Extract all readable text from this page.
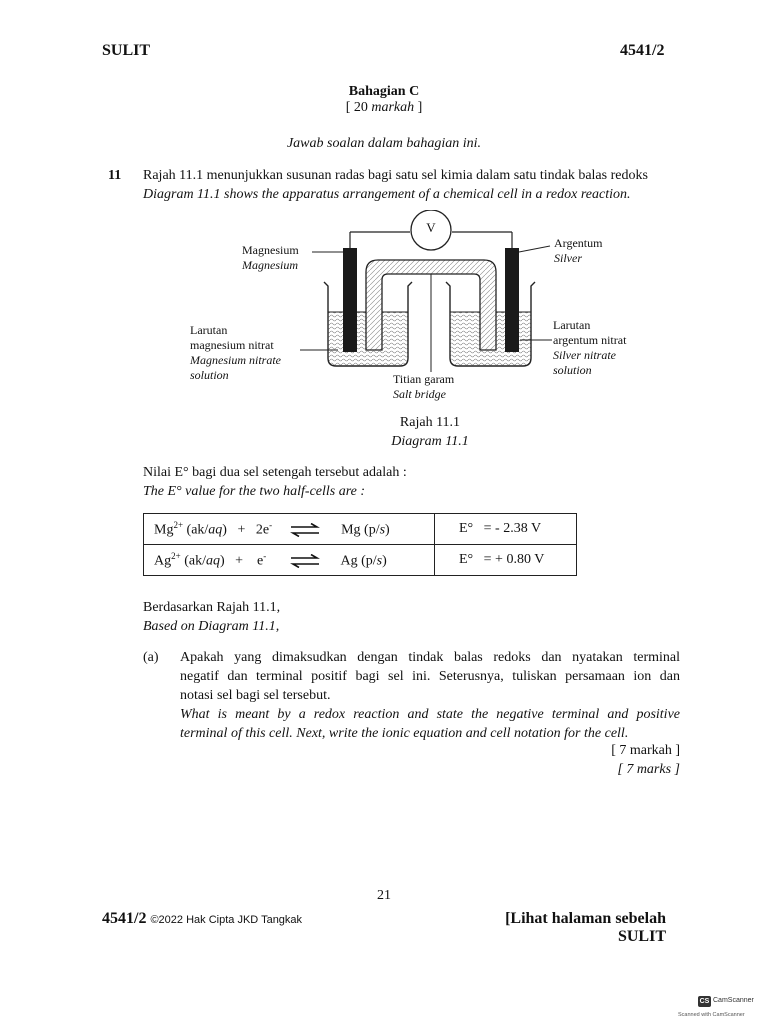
SULIT	4541/2
Bahagian C
[ 20 markah ]
Jawab soalan dalam bahagian ini.
11 Rajah 11.1 menunjukkan susunan radas bagi satu sel kimia dalam satu tindak balas redoks
Diagram 11.1 shows the apparatus arrangement of a chemical cell in a redox reaction.
V
Magnesium
Magnesium
Argentum
Silver
Larutan
magnesium nitrat
Magnesium nitrate
solution
Larutan
argentum nitrat
Silver nitrate
solution
Titian garam
Salt bridge
Rajah 11.1
Diagram 11.1
Nilai E° bagi dua sel setengah tersebut adalah :
The E° value for the two half-cells are :
$Mg^{2+}$ (ak/aq) + 2e- ⇌ Mg (p/s)	E° = - 2.38 V
$Ag^{2+}$ (ak/aq) + e- ⇌ Ag (p/s)	E° = + 0.80 V
Berdasarkan Rajah 11.1,
Based on Diagram 11.1,
(a) Apakah yang dimaksudkan dengan tindak balas redoks dan nyatakan terminal
negatif dan terminal positif bagi sel ini. Seterusnya, tuliskan persamaan ion dan
notasi sel bagi sel tersebut.
What is meant by a redox reaction and state the negative terminal and positive
terminal of this cell. Next, write the ionic equation and cell notation for the cell.
[ 7 markah ]
[ 7 marks ]
21
4541/2 ©2022 Hak Cipta JKD Tangkak	[Lihat halaman sebelah
SULIT
CS CamScanner
Scanned with CamScanner
